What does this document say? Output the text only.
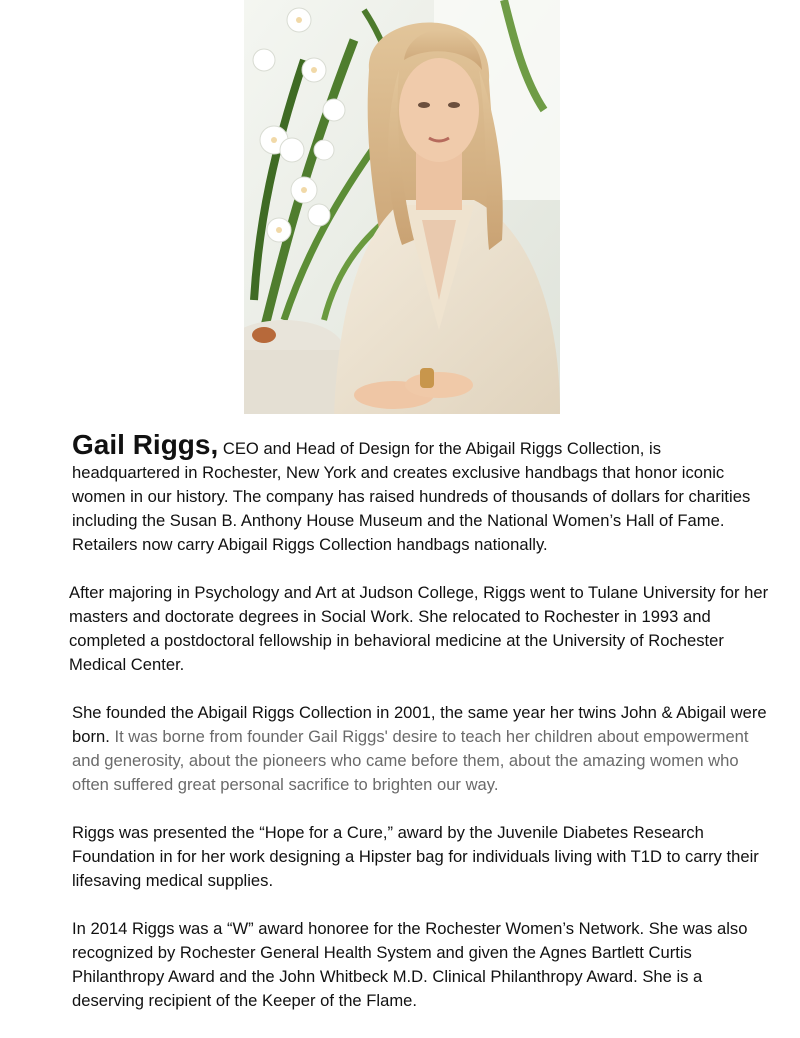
Gail Riggs, CEO and Head of Design for the Abigail Riggs Collection, is headquartered in Rochester, New York and creates exclusive handbags that honor iconic women in our history. The company has raised hundreds of thousands of dollars for charities including the Susan B. Anthony House Museum and the National Women’s Hall of Fame. Retailers now carry Abigail Riggs Collection handbags nationally.

After majoring in Psychology and Art at Judson College, Riggs went to Tulane University for her masters and doctorate degrees in Social Work. She relocated to Rochester in 1993 and completed a postdoctoral fellowship in behavioral medicine at the University of Rochester Medical Center.

She founded the Abigail Riggs Collection in 2001, the same year her twins John & Abigail were born. It was borne from founder Gail Riggs' desire to teach her children about empowerment and generosity, about the pioneers who came before them, about the amazing women who often suffered great personal sacrifice to brighten our way.

Riggs was presented the “Hope for a Cure,” award by the Juvenile Diabetes Research Foundation in for her work designing a Hipster bag for individuals living with T1D to carry their lifesaving medical supplies.

In 2014 Riggs was a “W” award honoree for the Rochester Women’s Network. She was also recognized by Rochester General Health System and given the Agnes Bartlett Curtis Philanthropy Award and the John Whitbeck M.D. Clinical Philanthropy Award. She is a deserving recipient of the Keeper of the Flame.
